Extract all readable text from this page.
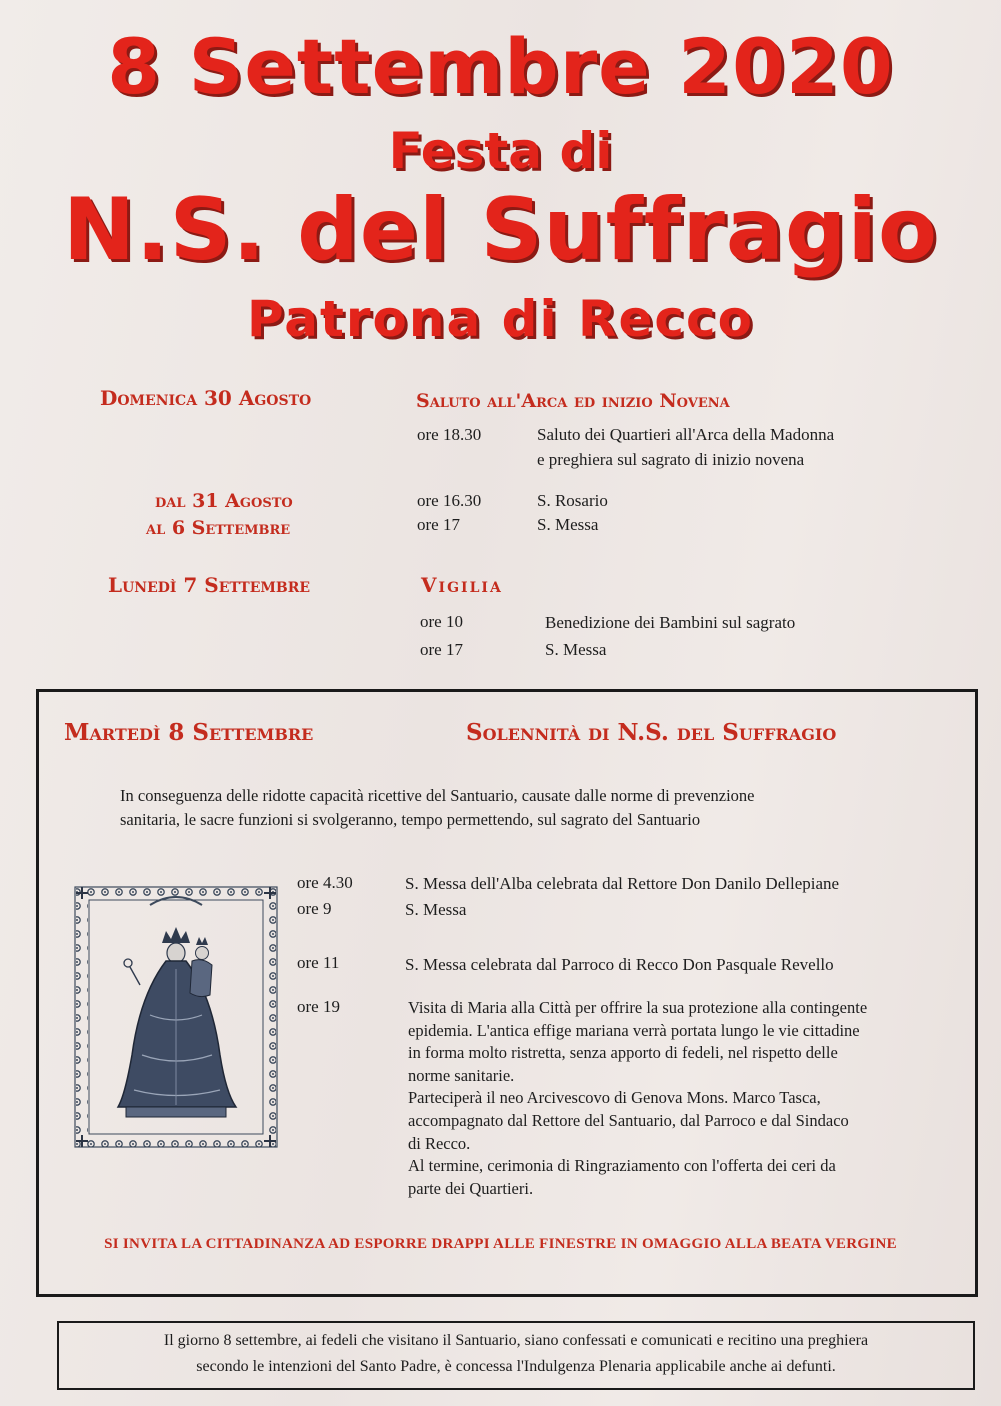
8 Settembre 2020
Festa di
N.S. del Suffragio
Patrona di Recco
Domenica 30 Agosto	Saluto all'Arca ed inizio Novena
ore 18.30	Saluto dei Quartieri all'Arca della Madonna
e preghiera sul sagrato di inizio novena
dal 31 Agosto
al 6 Settembre
ore 16.30	S. Rosario
ore 17	S. Messa
Lunedì 7 Settembre	Vigilia
ore 10	Benedizione dei Bambini sul sagrato
ore 17	S. Messa
Martedì 8 Settembre	Solennità di N.S. del Suffragio
In conseguenza delle ridotte capacità ricettive del Santuario, causate dalle norme di prevenzione
sanitaria, le sacre funzioni si svolgeranno, tempo permettendo, sul sagrato del Santuario
ore 4.30	S. Messa dell'Alba celebrata dal Rettore Don Danilo Dellepiane
ore 9	S. Messa
ore 11	S. Messa celebrata dal Parroco di Recco Don Pasquale Revello
ore 19	Visita di Maria alla Città per offrire la sua protezione alla contingente
epidemia. L'antica effige mariana verrà portata lungo le vie cittadine
in forma molto ristretta, senza apporto di fedeli, nel rispetto delle
norme sanitarie.
Parteciperà il neo Arcivescovo di Genova Mons. Marco Tasca,
accompagnato dal Rettore del Santuario, dal Parroco e dal Sindaco
di Recco.
Al termine, cerimonia di Ringraziamento con l'offerta dei ceri da
parte dei Quartieri.
SI INVITA LA CITTADINANZA AD ESPORRE DRAPPI ALLE FINESTRE IN OMAGGIO ALLA BEATA VERGINE
Il giorno 8 settembre, ai fedeli che visitano il Santuario, siano confessati e comunicati e recitino una preghiera
secondo le intenzioni del Santo Padre, è concessa l'Indulgenza Plenaria applicabile anche ai defunti.
